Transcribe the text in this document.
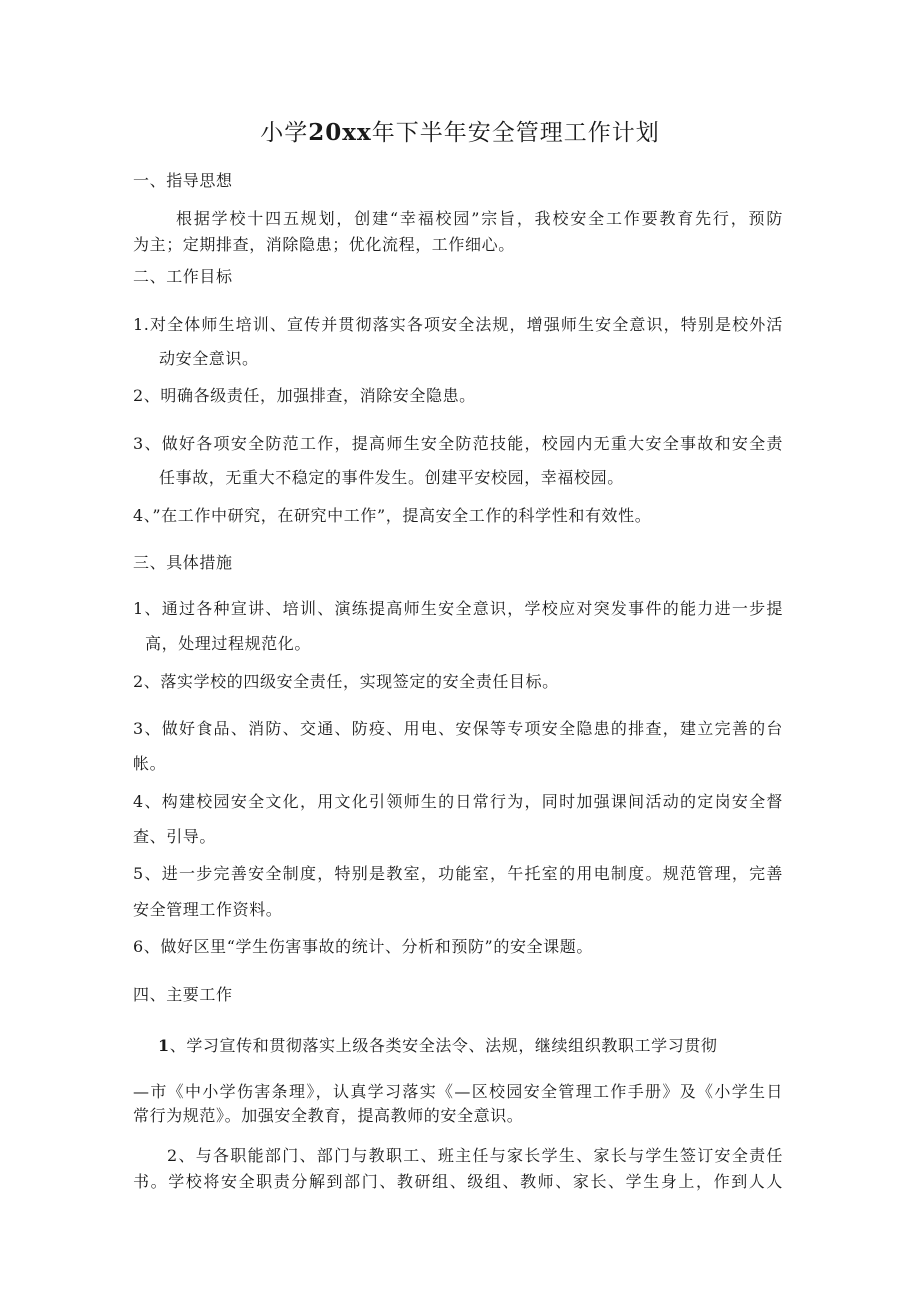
小学20xx年下半年安全管理工作计划
一、指导思想
根据学校十四五规划，创建“幸福校园”宗旨，我校安全工作要教育先行，预防
为主；定期排查，消除隐患；优化流程，工作细心。
二、工作目标
1.对全体师生培训、宣传并贯彻落实各项安全法规，增强师生安全意识，特别是校外活
动安全意识。
2、明确各级责任，加强排查，消除安全隐患。
3、做好各项安全防范工作，提高师生安全防范技能，校园内无重大安全事故和安全责
任事故，无重大不稳定的事件发生。创建平安校园，幸福校园。
4、”在工作中研究，在研究中工作”，提高安全工作的科学性和有效性。
三、具体措施
1、通过各种宣讲、培训、演练提高师生安全意识，学校应对突发事件的能力进一步提
高，处理过程规范化。
2、落实学校的四级安全责任，实现签定的安全责任目标。
3、做好食品、消防、交通、防疫、用电、安保等专项安全隐患的排查，建立完善的台
帐。
4、构建校园安全文化，用文化引领师生的日常行为，同时加强课间活动的定岗安全督
查、引导。
5、进一步完善安全制度，特别是教室，功能室，午托室的用电制度。规范管理，完善
安全管理工作资料。
6、做好区里“学生伤害事故的统计、分析和预防”的安全课题。
四、主要工作
1、学习宣传和贯彻落实上级各类安全法令、法规，继续组织教职工学习贯彻
—市《中小学伤害条理》，认真学习落实《—区校园安全管理工作手册》及《小学生日
常行为规范》。加强安全教育，提高教师的安全意识。
2、与各职能部门、部门与教职工、班主任与家长学生、家长与学生签订安全责任
书。学校将安全职责分解到部门、教研组、级组、教师、家长、学生身上，作到人人
